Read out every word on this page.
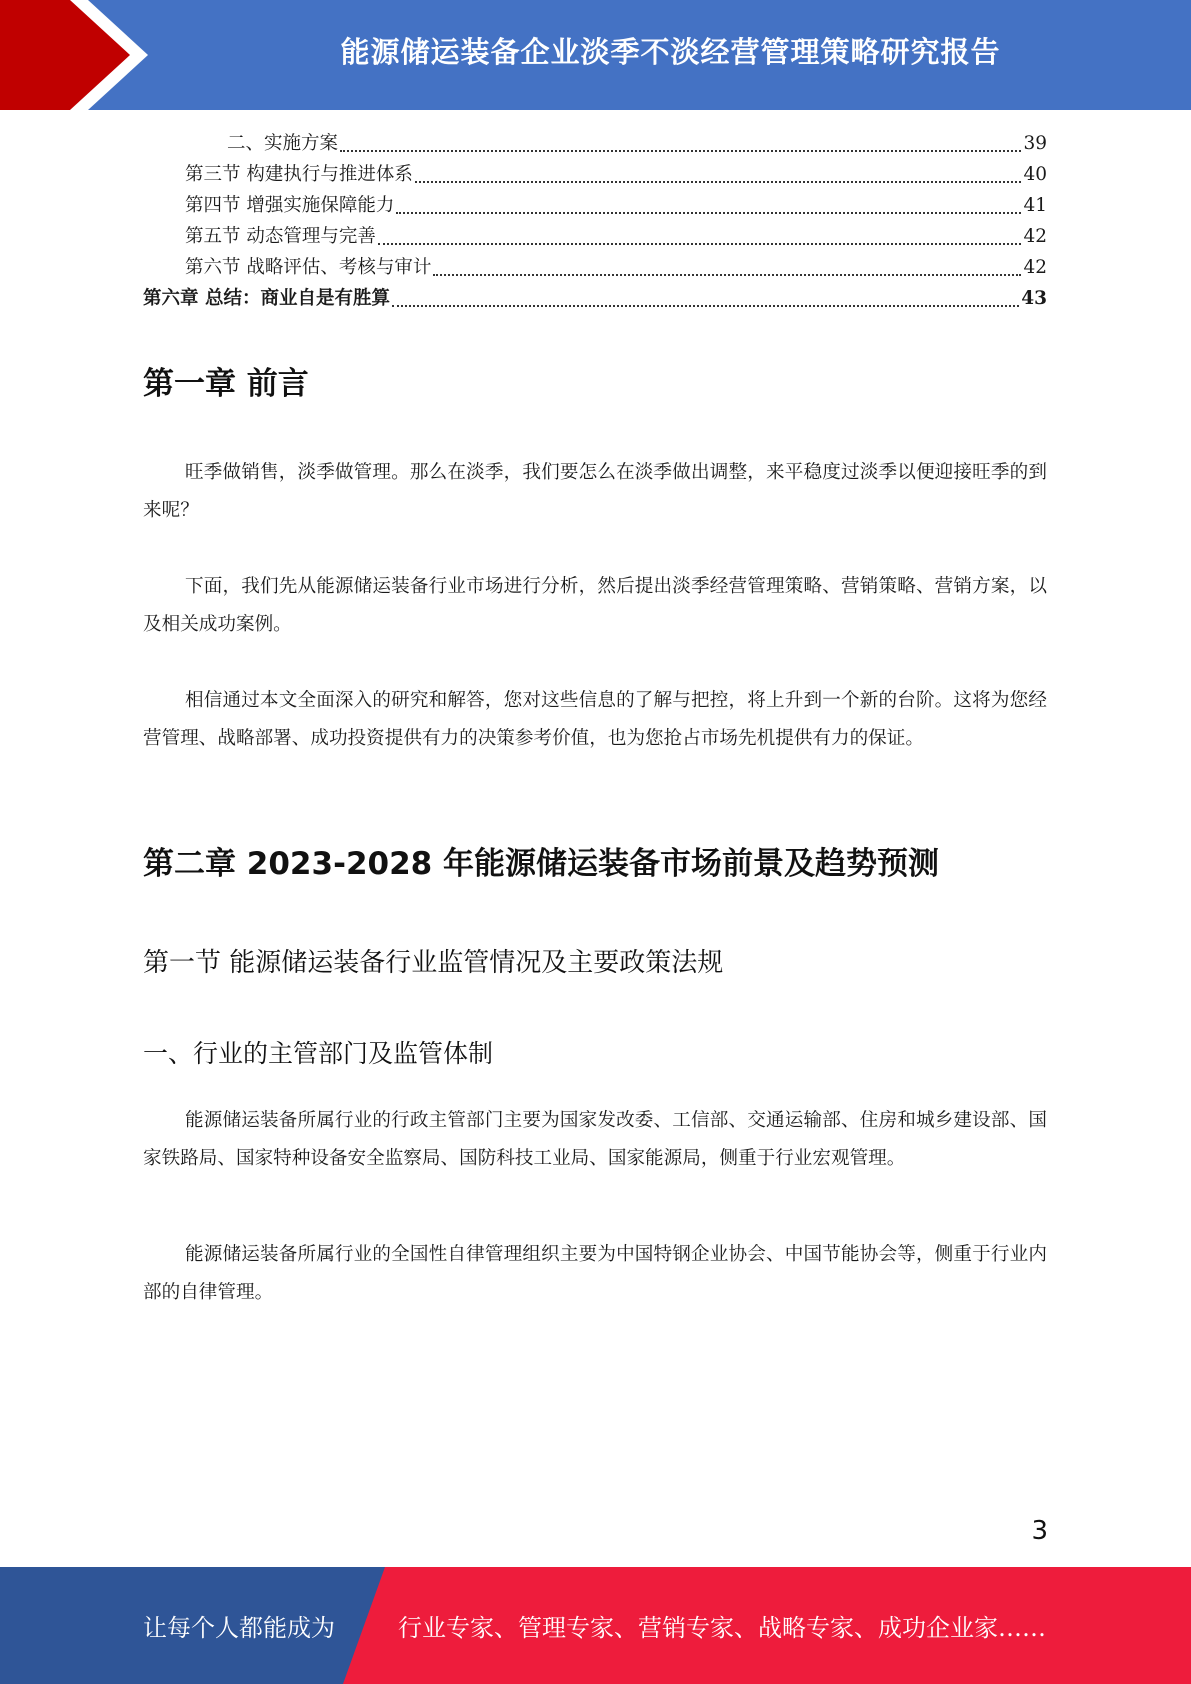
能源储运装备企业淡季不淡经营管理策略研究报告
二、实施方案	39
第三节 构建执行与推进体系	40
第四节 增强实施保障能力	41
第五节 动态管理与完善	42
第六节 战略评估、考核与审计	42
第六章 总结：商业自是有胜算	43
第一章 前言
旺季做销售，淡季做管理。那么在淡季，我们要怎么在淡季做出调整，来平稳度过淡季以便迎接旺季的到来呢？
下面，我们先从能源储运装备行业市场进行分析，然后提出淡季经营管理策略、营销策略、营销方案，以及相关成功案例。
相信通过本文全面深入的研究和解答，您对这些信息的了解与把控，将上升到一个新的台阶。这将为您经营管理、战略部署、成功投资提供有力的决策参考价值，也为您抢占市场先机提供有力的保证。
第二章 2023-2028 年能源储运装备市场前景及趋势预测
第一节 能源储运装备行业监管情况及主要政策法规
一、行业的主管部门及监管体制
能源储运装备所属行业的行政主管部门主要为国家发改委、工信部、交通运输部、住房和城乡建设部、国家铁路局、国家特种设备安全监察局、国防科技工业局、国家能源局，侧重于行业宏观管理。
能源储运装备所属行业的全国性自律管理组织主要为中国特钢企业协会、中国节能协会等，侧重于行业内部的自律管理。
3
让每个人都能成为	行业专家、管理专家、营销专家、战略专家、成功企业家……
